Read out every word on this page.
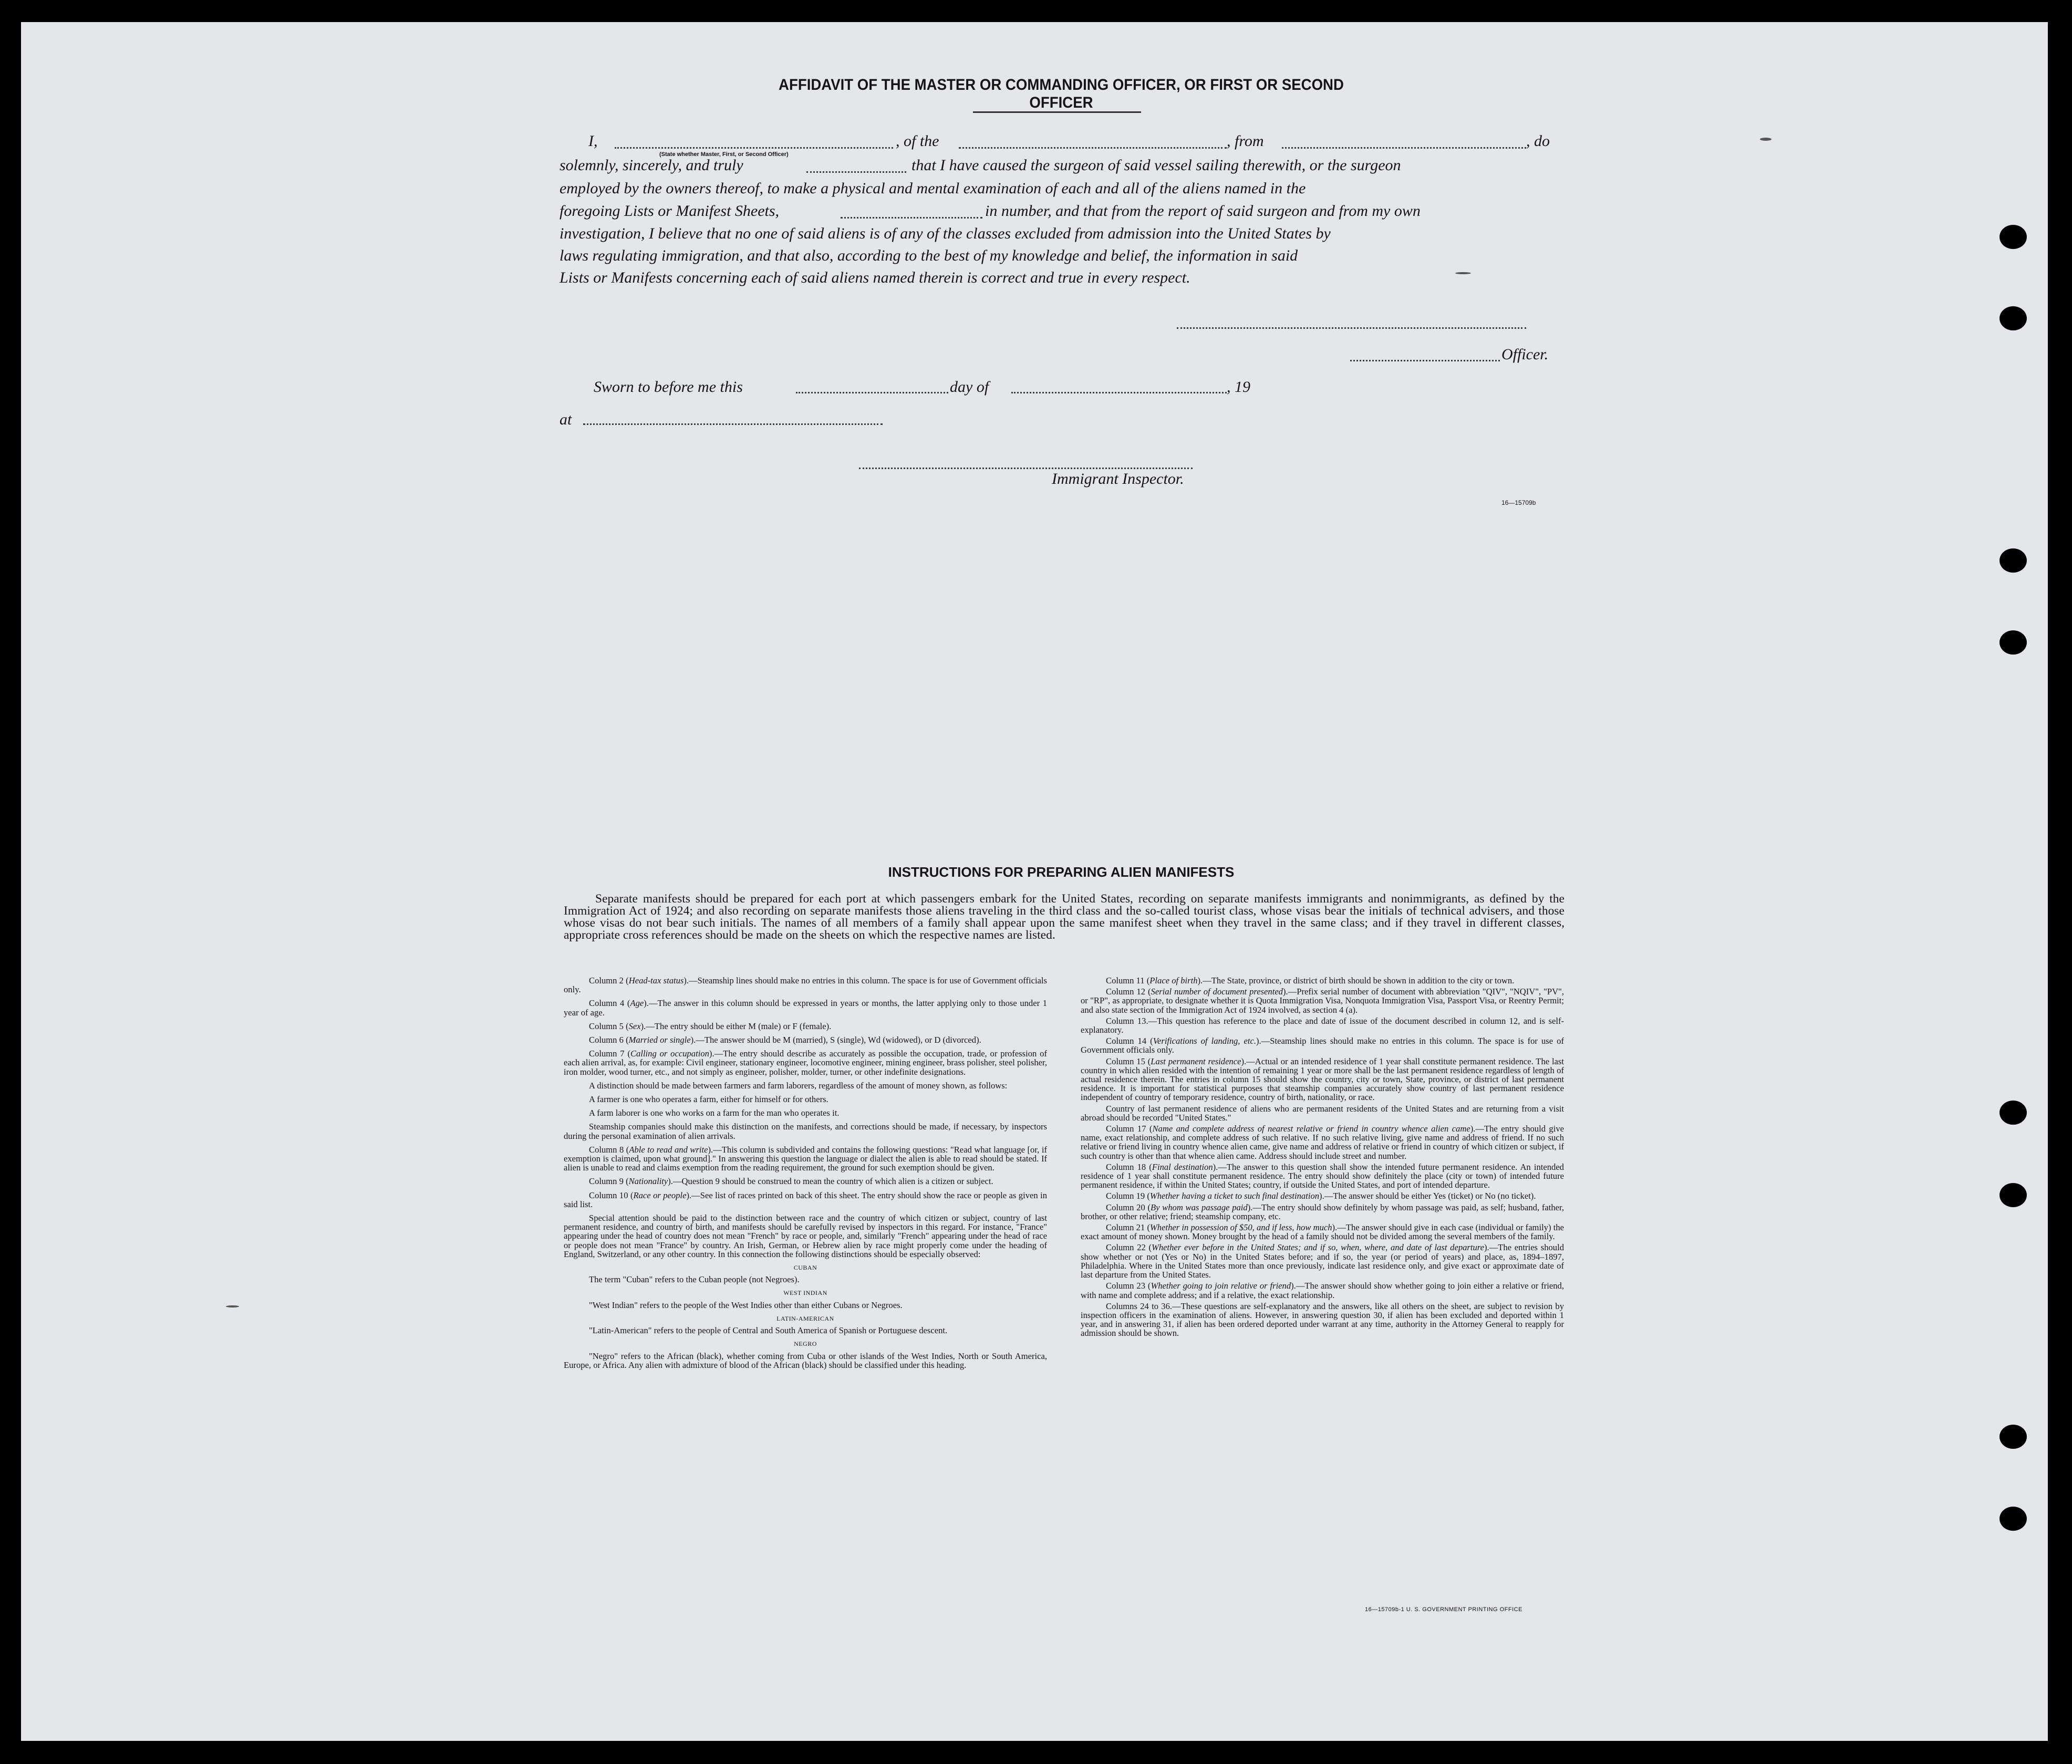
AFFIDAVIT OF THE MASTER OR COMMANDING OFFICER, OR FIRST OR SECOND OFFICER
I,	, of the	, from	, do
(State whether Master, First, or Second Officer)
solemnly, sincerely, and truly	that I have caused the surgeon of said vessel sailing therewith, or the surgeon
employed by the owners thereof, to make a physical and mental examination of each and all of the aliens named in the
foregoing Lists or Manifest Sheets,	in number, and that from the report of said surgeon and from my own
investigation, I believe that no one of said aliens is of any of the classes excluded from admission into the United States by
laws regulating immigration, and that also, according to the best of my knowledge and belief, the information in said
Lists or Manifests concerning each of said aliens named therein is correct and true in every respect.
Officer.
Sworn to before me this	day of	, 19
at
Immigrant Inspector.
16—15709b
INSTRUCTIONS FOR PREPARING ALIEN MANIFESTS

Separate manifests should be prepared for each port at which passengers embark for the United States, recording on separate manifests immigrants and nonimmigrants, as defined by the Immigration Act of 1924; and also recording on separate manifests those aliens traveling in the third class and the so-called tourist class, whose visas bear the initials of technical advisers, and those whose visas do not bear such initials. The names of all members of a family shall appear upon the same manifest sheet when they travel in the same class; and if they travel in different classes, appropriate cross references should be made on the sheets on which the respective names are listed.

Column 2 (Head-tax status).—Steamship lines should make no entries in this column. The space is for use of Government officials only.

Column 4 (Age).—The answer in this column should be expressed in years or months, the latter applying only to those under 1 year of age.

Column 5 (Sex).—The entry should be either M (male) or F (female).

Column 6 (Married or single).—The answer should be M (married), S (single), Wd (widowed), or D (divorced).

Column 7 (Calling or occupation).—The entry should describe as accurately as possible the occupation, trade, or profession of each alien arrival, as, for example: Civil engineer, stationary engineer, locomotive engineer, mining engineer, brass polisher, steel polisher, iron molder, wood turner, etc., and not simply as engineer, polisher, molder, turner, or other indefinite designations.

A distinction should be made between farmers and farm laborers, regardless of the amount of money shown, as follows:

A farmer is one who operates a farm, either for himself or for others.

A farm laborer is one who works on a farm for the man who operates it.

Steamship companies should make this distinction on the manifests, and corrections should be made, if necessary, by inspectors during the personal examination of alien arrivals.

Column 8 (Able to read and write).—This column is subdivided and contains the following questions: "Read what language [or, if exemption is claimed, upon what ground]." In answering this question the language or dialect the alien is able to read should be stated. If alien is unable to read and claims exemption from the reading requirement, the ground for such exemption should be given.

Column 9 (Nationality).—Question 9 should be construed to mean the country of which alien is a citizen or subject.

Column 10 (Race or people).—See list of races printed on back of this sheet. The entry should show the race or people as given in said list.

Special attention should be paid to the distinction between race and the country of which citizen or subject, country of last permanent residence, and country of birth, and manifests should be carefully revised by inspectors in this regard. For instance, "France" appearing under the head of country does not mean "French" by race or people, and, similarly "French" appearing under the head of race or people does not mean "France" by country. An Irish, German, or Hebrew alien by race might properly come under the heading of England, Switzerland, or any other country. In this connection the following distinctions should be especially observed:

CUBAN

The term "Cuban" refers to the Cuban people (not Negroes).

WEST INDIAN

"West Indian" refers to the people of the West Indies other than either Cubans or Negroes.

LATIN-AMERICAN

"Latin-American" refers to the people of Central and South America of Spanish or Portuguese descent.

NEGRO

"Negro" refers to the African (black), whether coming from Cuba or other islands of the West Indies, North or South America, Europe, or Africa. Any alien with admixture of blood of the African (black) should be classified under this heading.

Column 11 (Place of birth).—The State, province, or district of birth should be shown in addition to the city or town.

Column 12 (Serial number of document presented).—Prefix serial number of document with abbreviation "QIV", "NQIV", "PV", or "RP", as appropriate, to designate whether it is Quota Immigration Visa, Nonquota Immigration Visa, Passport Visa, or Reentry Permit; and also state section of the Immigration Act of 1924 involved, as section 4 (a).

Column 13.—This question has reference to the place and date of issue of the document described in column 12, and is self-explanatory.

Column 14 (Verifications of landing, etc.).—Steamship lines should make no entries in this column. The space is for use of Government officials only.

Column 15 (Last permanent residence).—Actual or an intended residence of 1 year shall constitute permanent residence. The last country in which alien resided with the intention of remaining 1 year or more shall be the last permanent residence regardless of length of actual residence therein. The entries in column 15 should show the country, city or town, State, province, or district of last permanent residence. It is important for statistical purposes that steamship companies accurately show country of last permanent residence independent of country of temporary residence, country of birth, nationality, or race.

Country of last permanent residence of aliens who are permanent residents of the United States and are returning from a visit abroad should be recorded "United States."

Column 17 (Name and complete address of nearest relative or friend in country whence alien came).—The entry should give name, exact relationship, and complete address of such relative. If no such relative living, give name and address of friend. If no such relative or friend living in country whence alien came, give name and address of relative or friend in country of which citizen or subject, if such country is other than that whence alien came. Address should include street and number.

Column 18 (Final destination).—The answer to this question shall show the intended future permanent residence. An intended residence of 1 year shall constitute permanent residence. The entry should show definitely the place (city or town) of intended future permanent residence, if within the United States; country, if outside the United States, and port of intended departure.

Column 19 (Whether having a ticket to such final destination).—The answer should be either Yes (ticket) or No (no ticket).

Column 20 (By whom was passage paid).—The entry should show definitely by whom passage was paid, as self; husband, father, brother, or other relative; friend; steamship company, etc.

Column 21 (Whether in possession of $50, and if less, how much).—The answer should give in each case (individual or family) the exact amount of money shown. Money brought by the head of a family should not be divided among the several members of the family.

Column 22 (Whether ever before in the United States; and if so, when, where, and date of last departure).—The entries should show whether or not (Yes or No) in the United States before; and if so, the year (or period of years) and place, as, 1894–1897, Philadelphia. Where in the United States more than once previously, indicate last residence only, and give exact or approximate date of last departure from the United States.

Column 23 (Whether going to join relative or friend).—The answer should show whether going to join either a relative or friend, with name and complete address; and if a relative, the exact relationship.

Columns 24 to 36.—These questions are self-explanatory and the answers, like all others on the sheet, are subject to revision by inspection officers in the examination of aliens. However, in answering question 30, if alien has been excluded and deported within 1 year, and in answering 31, if alien has been ordered deported under warrant at any time, authority in the Attorney General to reapply for admission should be shown.

16—15709b-1 U. S. GOVERNMENT PRINTING OFFICE
